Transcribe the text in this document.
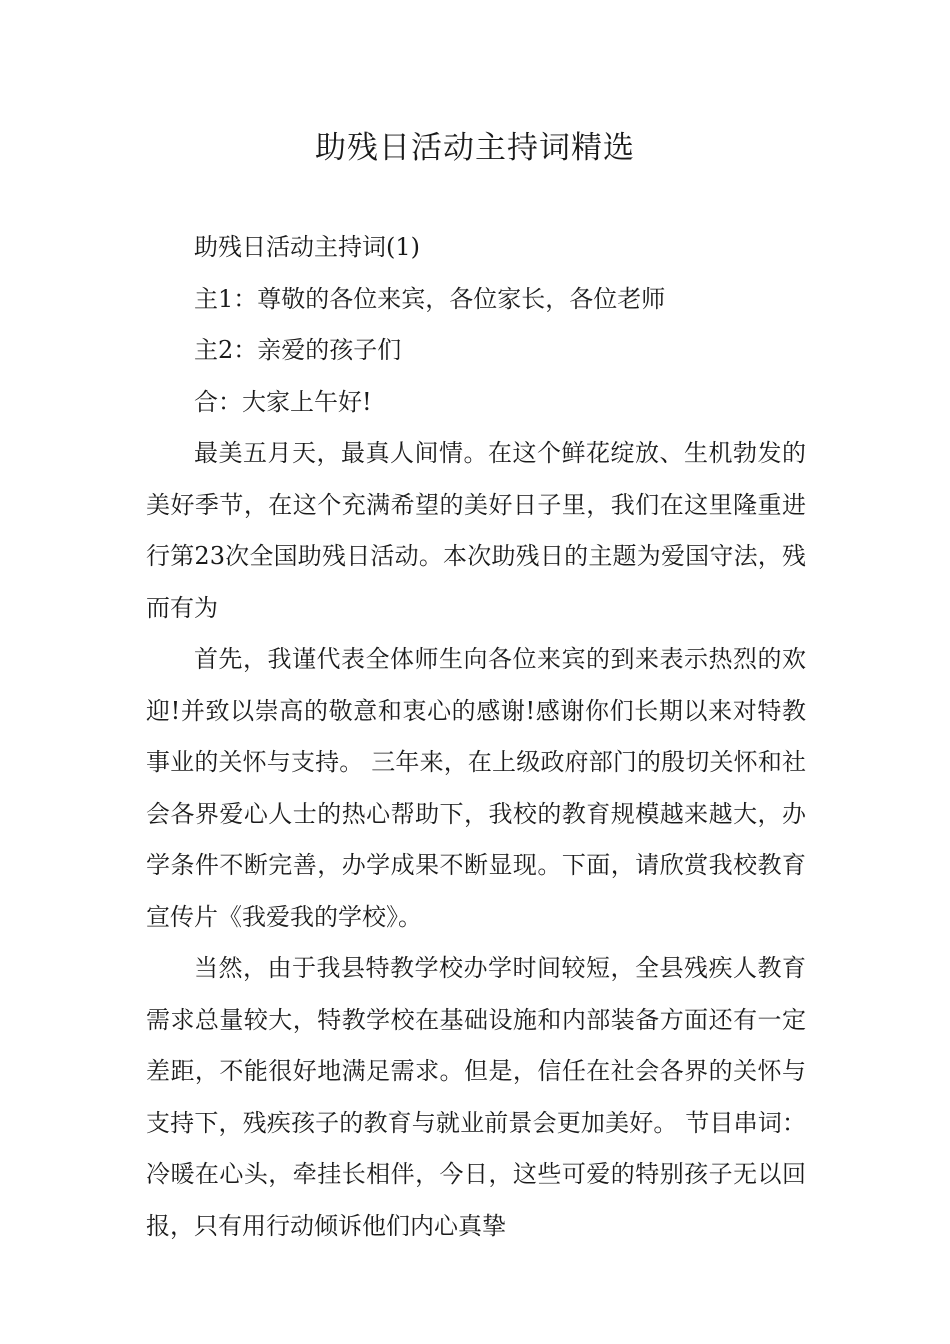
助残日活动主持词精选

助残日活动主持词(1)

主1：尊敬的各位来宾，各位家长，各位老师

主2：亲爱的孩子们

合：大家上午好!

最美五月天，最真人间情。在这个鲜花绽放、生机勃发的美好季节，在这个充满希望的美好日子里，我们在这里隆重进行第23次全国助残日活动。本次助残日的主题为爱国守法，残而有为

首先，我谨代表全体师生向各位来宾的到来表示热烈的欢迎!并致以崇高的敬意和衷心的感谢!感谢你们长期以来对特教事业的关怀与支持。 三年来，在上级政府部门的殷切关怀和社会各界爱心人士的热心帮助下，我校的教育规模越来越大，办学条件不断完善，办学成果不断显现。下面，请欣赏我校教育宣传片《我爱我的学校》。

当然，由于我县特教学校办学时间较短，全县残疾人教育需求总量较大，特教学校在基础设施和内部装备方面还有一定差距，不能很好地满足需求。但是，信任在社会各界的关怀与支持下，残疾孩子的教育与就业前景会更加美好。 节目串词：冷暖在心头，牵挂长相伴，今日，这些可爱的特别孩子无以回报，只有用行动倾诉他们内心真挚
